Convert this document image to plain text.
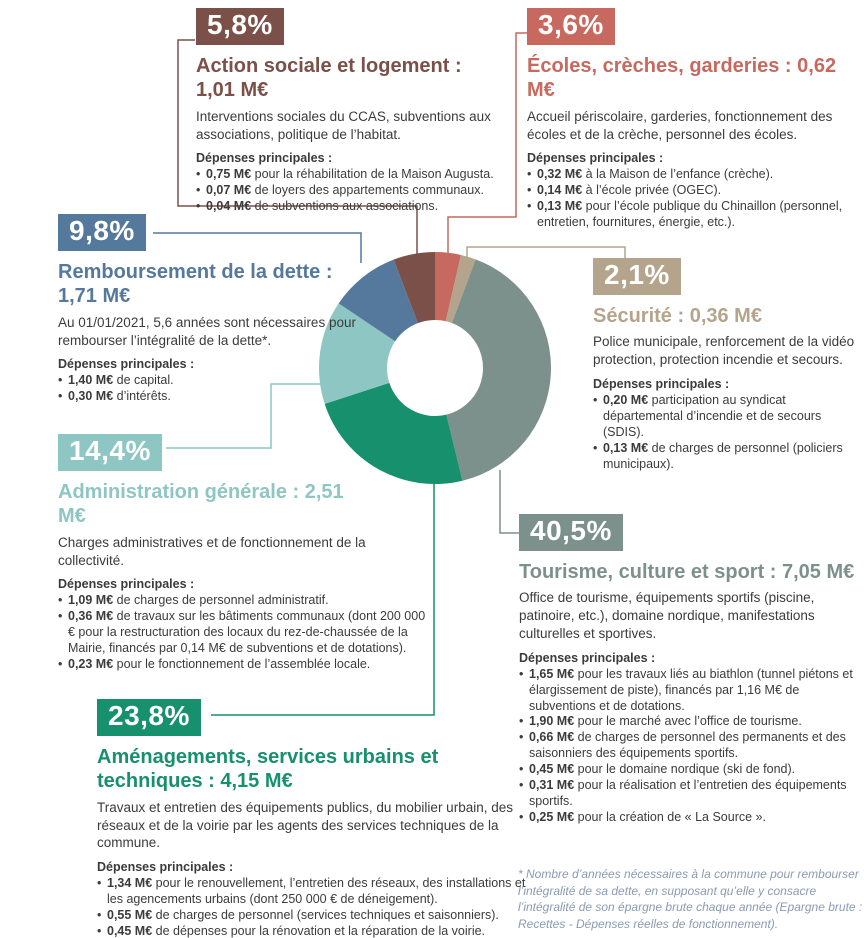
5,8%
Action sociale et logement : 1,01 M€
Interventions sociales du CCAS, subventions aux associations, politique de l’habitat.
Dépenses principales :
• 0,75 M€ pour la réhabilitation de la Maison Augusta.
• 0,07 M€ de loyers des appartements communaux.
• 0,04 M€ de subventions aux associations.
3,6%
Écoles, crèches, garderies : 0,62 M€
Accueil périscolaire, garderies, fonctionnement des écoles et de la crèche, personnel des écoles.
Dépenses principales :
• 0,32 M€ à la Maison de l’enfance (crèche).
• 0,14 M€ à l’école privée (OGEC).
• 0,13 M€ pour l’école publique du Chinaillon (personnel, entretien, fournitures, énergie, etc.).
9,8%
Remboursement de la dette : 1,71 M€
Au 01/01/2021, 5,6 années sont nécessaires pour rembourser l’intégralité de la dette*.
Dépenses principales :
• 1,40 M€ de capital.
• 0,30 M€ d’intérêts.
2,1%
Sécurité : 0,36 M€
Police municipale, renforcement de la vidéo protection, protection incendie et secours.
Dépenses principales :
• 0,20 M€ participation au syndicat départemental d’incendie et de secours (SDIS).
• 0,13 M€ de charges de personnel (policiers municipaux).
14,4%
Administration générale : 2,51 M€
Charges administratives et de fonctionnement de la collectivité.
Dépenses principales :
• 1,09 M€ de charges de personnel administratif.
• 0,36 M€ de travaux sur les bâtiments communaux (dont 200 000 € pour la restructuration des locaux du rez-de-chaussée de la Mairie, financés par 0,14 M€ de subventions et de dotations).
• 0,23 M€ pour le fonctionnement de l’assemblée locale.
40,5%
Tourisme, culture et sport : 7,05 M€
Office de tourisme, équipements sportifs (piscine, patinoire, etc.), domaine nordique, manifestations culturelles et sportives.
Dépenses principales :
• 1,65 M€ pour les travaux liés au biathlon (tunnel piétons et élargissement de piste), financés par 1,16 M€ de subventions et de dotations.
• 1,90 M€ pour le marché avec l’office de tourisme.
• 0,66 M€ de charges de personnel des permanents et des saisonniers des équipements sportifs.
• 0,45 M€ pour le domaine nordique (ski de fond).
• 0,31 M€ pour la réalisation et l’entretien des équipements sportifs.
• 0,25 M€ pour la création de « La Source ».
23,8%
Aménagements, services urbains et techniques : 4,15 M€
Travaux et entretien des équipements publics, du mobilier urbain, des réseaux et de la voirie par les agents des services techniques de la commune.
Dépenses principales :
• 1,34 M€ pour le renouvellement, l’entretien des réseaux, des installations et les agencements urbains (dont 250 000 € de déneigement).
• 0,55 M€ de charges de personnel (services techniques et saisonniers).
• 0,45 M€ de dépenses pour la rénovation et la réparation de la voirie.
* Nombre d’années nécessaires à la commune pour rembourser l’intégralité de sa dette, en supposant qu’elle y consacre l’intégralité de son épargne brute chaque année (Epargne brute : Recettes - Dépenses réelles de fonctionnement).
